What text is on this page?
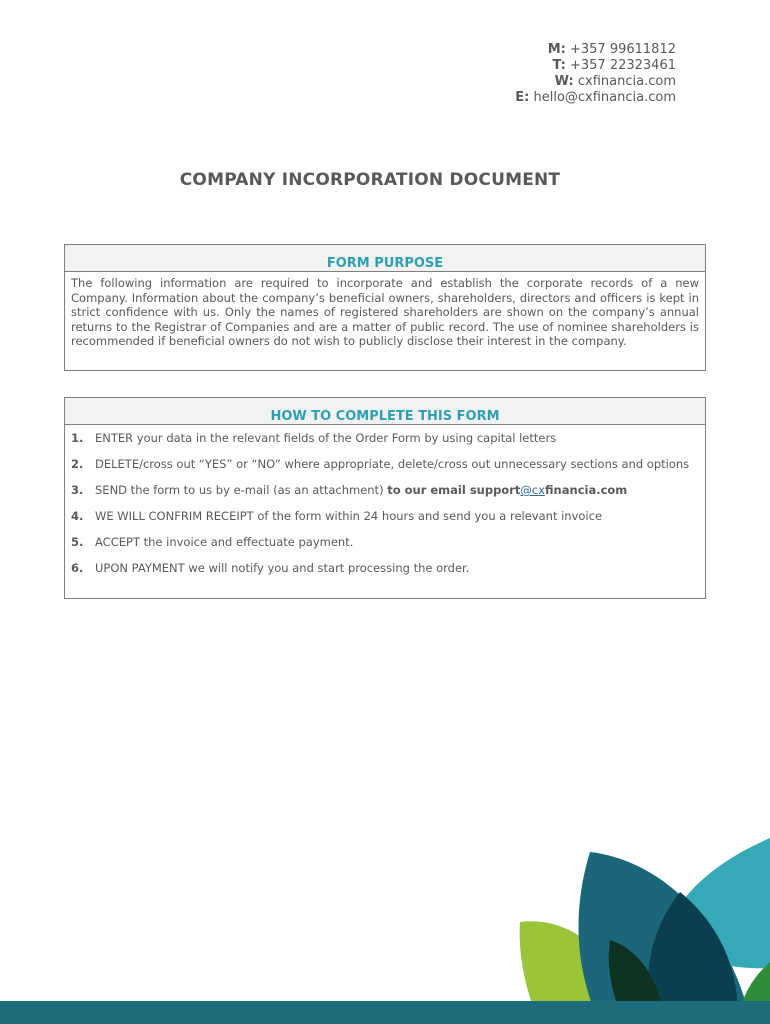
M: +357 99611812
T: +357 22323461
W: cxfinancia.com
E: hello@cxfinancia.com
COMPANY INCORPORATION DOCUMENT
FORM PURPOSE
The following information are required to incorporate and establish the corporate records of a new Company. Information about the company’s beneficial owners, shareholders, directors and officers is kept in strict confidence with us. Only the names of registered shareholders are shown on the company’s annual returns to the Registrar of Companies and are a matter of public record. The use of nominee shareholders is recommended if beneficial owners do not wish to publicly disclose their interest in the company.
HOW TO COMPLETE THIS FORM
1.	ENTER your data in the relevant fields of the Order Form by using capital letters
2.	DELETE/cross out “YES” or “NO” where appropriate, delete/cross out unnecessary sections and options
3.	SEND the form to us by e-mail (as an attachment) to our email support@cxfinancia.com
4.	WE WILL CONFRIM RECEIPT of the form within 24 hours and send you a relevant invoice
5.	ACCEPT the invoice and effectuate payment.
6.	UPON PAYMENT we will notify you and start processing the order.
